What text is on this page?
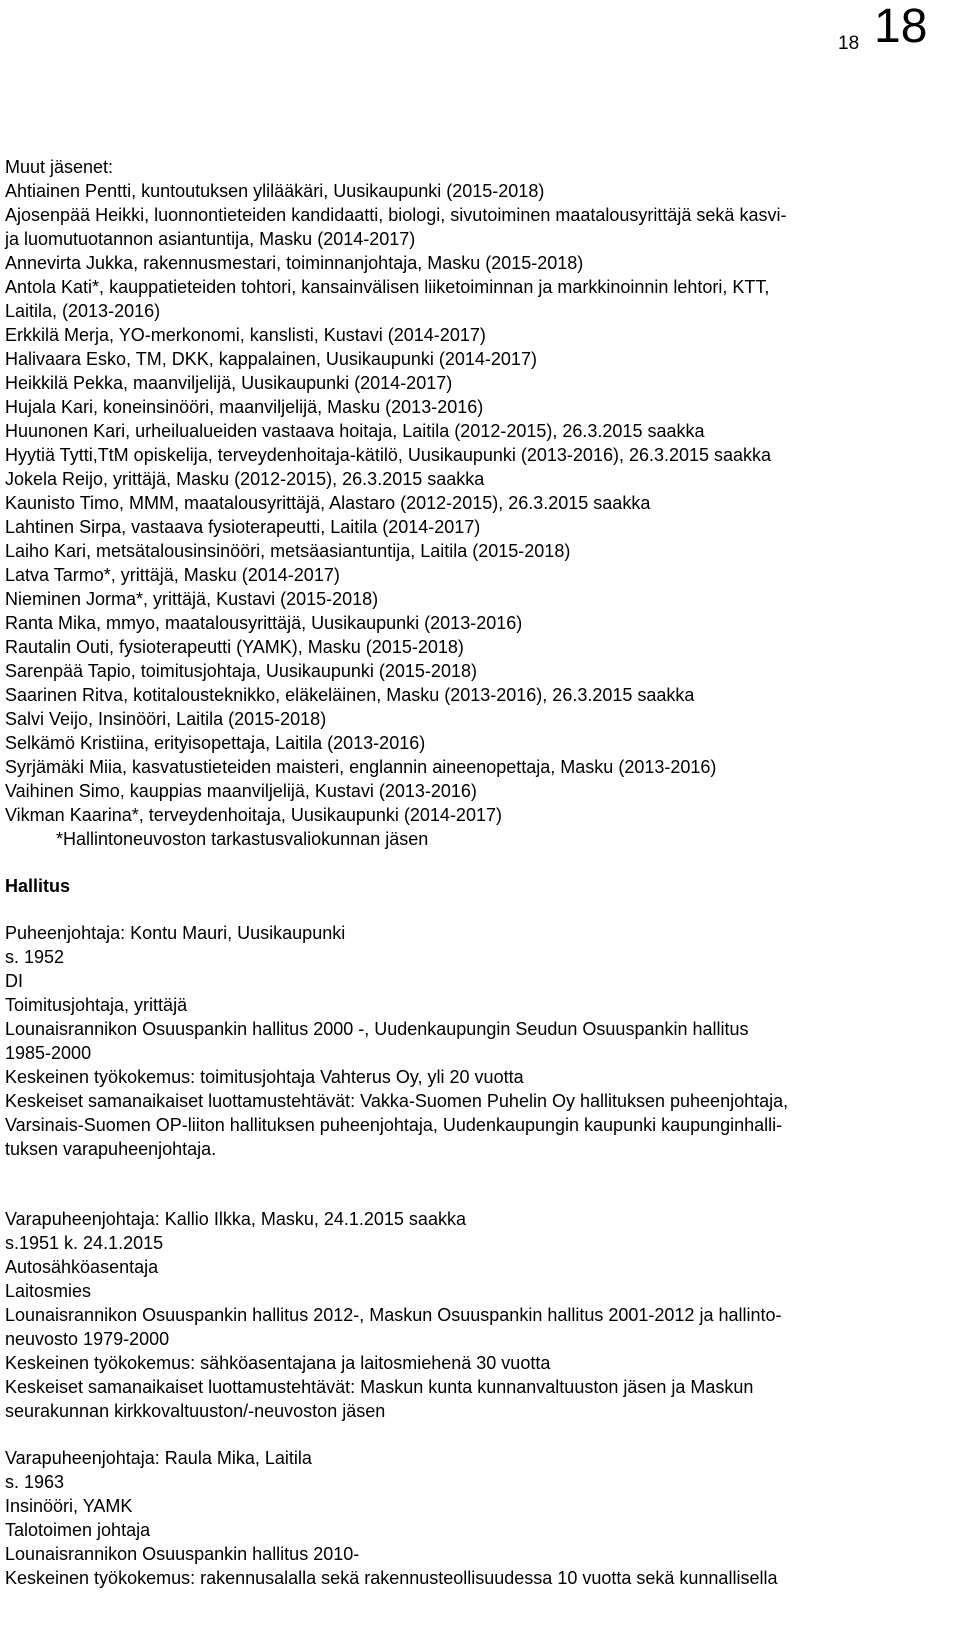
18 18
Muut jäsenet:
Ahtiainen Pentti, kuntoutuksen ylilääkäri, Uusikaupunki (2015-2018)
Ajosenpää Heikki, luonnontieteiden kandidaatti, biologi, sivutoiminen maatalousyrittäjä sekä kasvi-
ja luomutuotannon asiantuntija, Masku (2014-2017)
Annevirta Jukka, rakennusmestari, toiminnanjohtaja, Masku (2015-2018)
Antola Kati*, kauppatieteiden tohtori, kansainvälisen liiketoiminnan ja markkinoinnin lehtori, KTT,
Laitila, (2013-2016)
Erkkilä Merja, YO-merkonomi, kanslisti, Kustavi (2014-2017)
Halivaara Esko, TM, DKK, kappalainen, Uusikaupunki (2014-2017)
Heikkilä Pekka, maanviljelijä, Uusikaupunki (2014-2017)
Hujala Kari, koneinsinööri, maanviljelijä, Masku (2013-2016)
Huunonen Kari, urheilualueiden vastaava hoitaja, Laitila (2012-2015), 26.3.2015 saakka
Hyytiä Tytti,TtM opiskelija, terveydenhoitaja-kätilö, Uusikaupunki (2013-2016), 26.3.2015 saakka
Jokela Reijo, yrittäjä, Masku (2012-2015), 26.3.2015 saakka
Kaunisto Timo, MMM, maatalousyrittäjä, Alastaro (2012-2015), 26.3.2015 saakka
Lahtinen Sirpa, vastaava fysioterapeutti, Laitila (2014-2017)
Laiho Kari, metsätalousinsinööri, metsäasiantuntija, Laitila (2015-2018)
Latva Tarmo*, yrittäjä, Masku (2014-2017)
Nieminen Jorma*, yrittäjä, Kustavi (2015-2018)
Ranta Mika, mmyo, maatalousyrittäjä, Uusikaupunki (2013-2016)
Rautalin Outi, fysioterapeutti (YAMK), Masku (2015-2018)
Sarenpää Tapio, toimitusjohtaja, Uusikaupunki (2015-2018)
Saarinen Ritva, kotitalousteknikko, eläkeläinen, Masku (2013-2016), 26.3.2015 saakka
Salvi Veijo, Insinööri, Laitila (2015-2018)
Selkämö Kristiina, erityisopettaja, Laitila (2013-2016)
Syrjämäki Miia, kasvatustieteiden maisteri, englannin aineenopettaja, Masku (2013-2016)
Vaihinen Simo, kauppias maanviljelijä, Kustavi (2013-2016)
Vikman Kaarina*, terveydenhoitaja, Uusikaupunki (2014-2017)
*Hallintoneuvoston tarkastusvaliokunnan jäsen
Hallitus
Puheenjohtaja: Kontu Mauri, Uusikaupunki
s. 1952
DI
Toimitusjohtaja, yrittäjä
Lounaisrannikon Osuuspankin hallitus 2000 -, Uudenkaupungin Seudun Osuuspankin hallitus
1985-2000
Keskeinen työkokemus: toimitusjohtaja Vahterus Oy, yli 20 vuotta
Keskeiset samanaikaiset luottamustehtävät: Vakka-Suomen Puhelin Oy hallituksen puheenjohtaja,
Varsinais-Suomen OP-liiton hallituksen puheenjohtaja, Uudenkaupungin kaupunki kaupunginhalli-
tuksen varapuheenjohtaja.
Varapuheenjohtaja: Kallio Ilkka, Masku, 24.1.2015 saakka
s.1951 k. 24.1.2015
Autosähköasentaja
Laitosmies
Lounaisrannikon Osuuspankin hallitus 2012-, Maskun Osuuspankin hallitus 2001-2012 ja hallinto-
neuvosto 1979-2000
Keskeinen työkokemus: sähköasentajana ja laitosmiehenä 30 vuotta
Keskeiset samanaikaiset luottamustehtävät: Maskun kunta kunnanvaltuuston jäsen ja Maskun
seurakunnan kirkkovaltuuston/-neuvoston jäsen
Varapuheenjohtaja: Raula Mika, Laitila
s. 1963
Insinööri, YAMK
Talotoimen johtaja
Lounaisrannikon Osuuspankin hallitus 2010-
Keskeinen työkokemus: rakennusalalla sekä rakennusteollisuudessa 10 vuotta sekä kunnallisella
